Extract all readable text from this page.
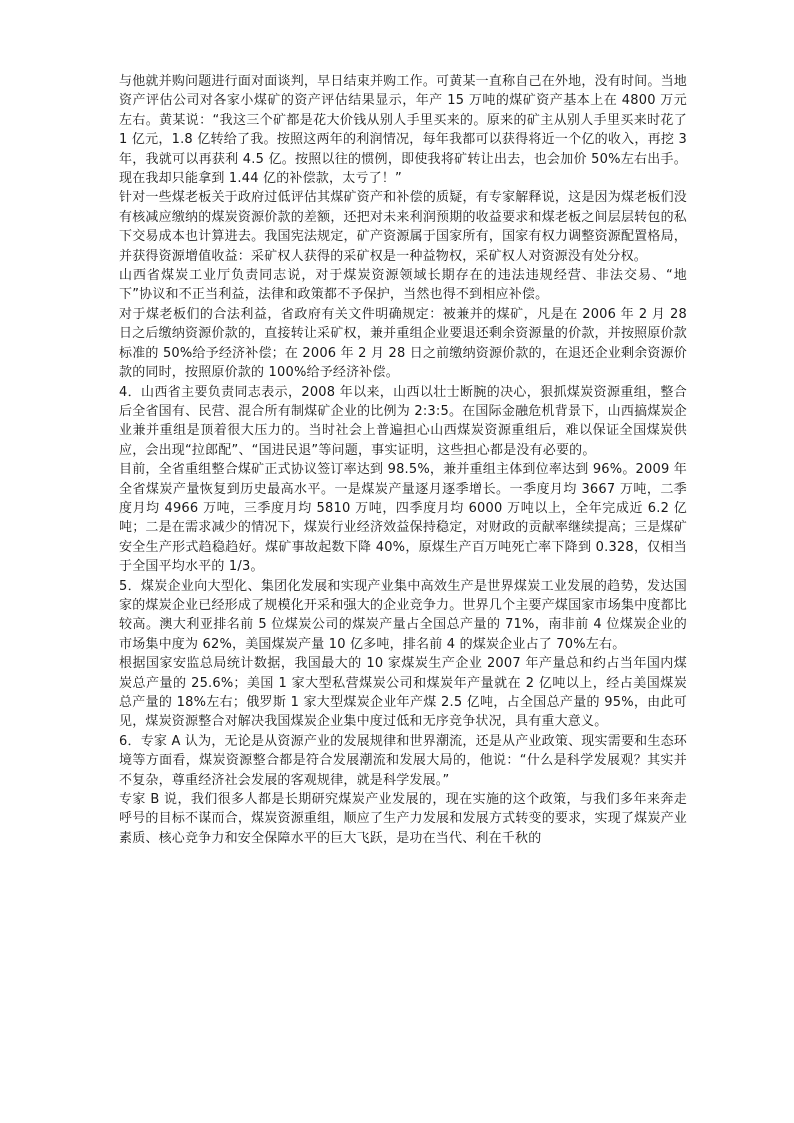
与他就并购问题进行面对面谈判，早日结束并购工作。可黄某一直称自己在外地，没有时间。当地资产评估公司对各家小煤矿的资产评估结果显示，年产 15 万吨的煤矿资产基本上在 4800 万元左右。黄某说：“我这三个矿都是花大价钱从别人手里买来的。原来的矿主从别人手里买来时花了 1 亿元，1.8 亿转给了我。按照这两年的利润情况，每年我都可以获得将近一个亿的收入，再挖 3 年，我就可以再获利 4.5 亿。按照以往的惯例，即使我将矿转让出去，也会加价 50%左右出手。现在我却只能拿到 1.44 亿的补偿款，太亏了！”

针对一些煤老板关于政府过低评估其煤矿资产和补偿的质疑，有专家解释说，这是因为煤老板们没有核减应缴纳的煤炭资源价款的差额，还把对未来利润预期的收益要求和煤老板之间层层转包的私下交易成本也计算进去。我国宪法规定，矿产资源属于国家所有，国家有权力调整资源配置格局，并获得资源增值收益：采矿权人获得的采矿权是一种益物权，采矿权人对资源没有处分权。

山西省煤炭工业厅负责同志说，对于煤炭资源领域长期存在的违法违规经营、非法交易、“地下”协议和不正当利益，法律和政策都不予保护，当然也得不到相应补偿。

对于煤老板们的合法利益，省政府有关文件明确规定：被兼并的煤矿，凡是在 2006 年 2 月 28 日之后缴纳资源价款的，直接转让采矿权，兼并重组企业要退还剩余资源量的价款，并按照原价款标准的 50%给予经济补偿；在 2006 年 2 月 28 日之前缴纳资源价款的，在退还企业剩余资源价款的同时，按照原价款的 100%给予经济补偿。

4．山西省主要负责同志表示，2008 年以来，山西以壮士断腕的决心，狠抓煤炭资源重组，整合后全省国有、民营、混合所有制煤矿企业的比例为 2:3:5。在国际金融危机背景下，山西搞煤炭企业兼并重组是顶着很大压力的。当时社会上普遍担心山西煤炭资源重组后，难以保证全国煤炭供应，会出现“拉郎配”、“国进民退”等问题，事实证明，这些担心都是没有必要的。

目前，全省重组整合煤矿正式协议签订率达到 98.5%，兼并重组主体到位率达到 96%。2009 年全省煤炭产量恢复到历史最高水平。一是煤炭产量逐月逐季增长。一季度月均 3667 万吨，二季度月均 4966 万吨，三季度月均 5810 万吨，四季度月均 6000 万吨以上，全年完成近 6.2 亿吨；二是在需求减少的情况下，煤炭行业经济效益保持稳定，对财政的贡献率继续提高；三是煤矿安全生产形式趋稳趋好。煤矿事故起数下降 40%，原煤生产百万吨死亡率下降到 0.328，仅相当于全国平均水平的 1/3。

5．煤炭企业向大型化、集团化发展和实现产业集中高效生产是世界煤炭工业发展的趋势，发达国家的煤炭企业已经形成了规模化开采和强大的企业竞争力。世界几个主要产煤国家市场集中度都比较高。澳大利亚排名前 5 位煤炭公司的煤炭产量占全国总产量的 71%，南非前 4 位煤炭企业的市场集中度为 62%，美国煤炭产量 10 亿多吨，排名前 4 的煤炭企业占了 70%左右。

根据国家安监总局统计数据，我国最大的 10 家煤炭生产企业 2007 年产量总和约占当年国内煤炭总产量的 25.6%；美国 1 家大型私营煤炭公司和煤炭年产量就在 2 亿吨以上，经占美国煤炭总产量的 18%左右；俄罗斯 1 家大型煤炭企业年产煤 2.5 亿吨，占全国总产量的 95%，由此可见，煤炭资源整合对解决我国煤炭企业集中度过低和无序竞争状况，具有重大意义。

6．专家 A 认为，无论是从资源产业的发展规律和世界潮流，还是从产业政策、现实需要和生态环境等方面看，煤炭资源整合都是符合发展潮流和发展大局的，他说：“什么是科学发展观？其实并不复杂，尊重经济社会发展的客观规律，就是科学发展。”

专家 B 说，我们很多人都是长期研究煤炭产业发展的，现在实施的这个政策，与我们多年来奔走呼号的目标不谋而合，煤炭资源重组，顺应了生产力发展和发展方式转变的要求，实现了煤炭产业素质、核心竞争力和安全保障水平的巨大飞跃，是功在当代、利在千秋的
